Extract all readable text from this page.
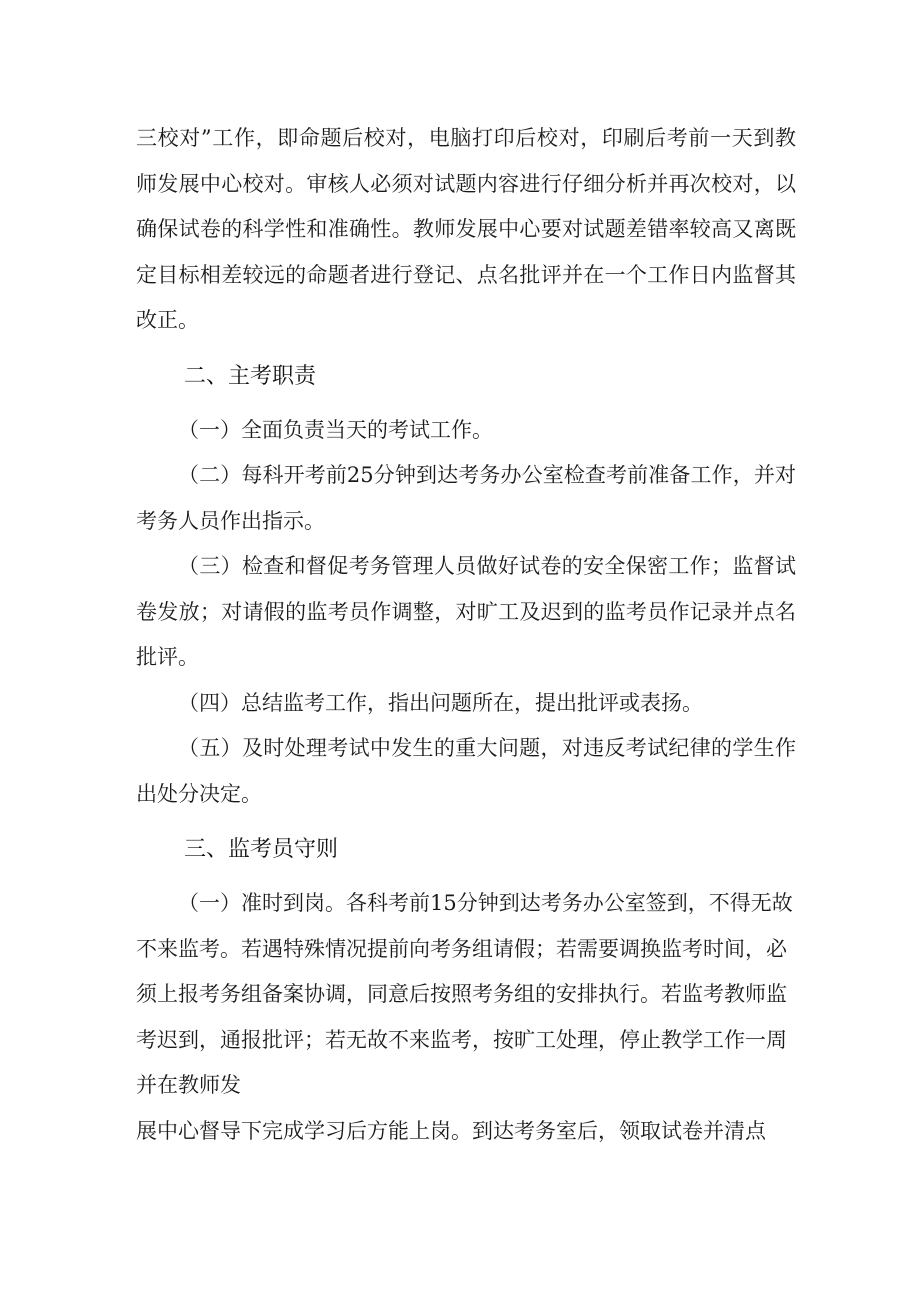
三校对”工作，即命题后校对，电脑打印后校对，印刷后考前一天到教师发展中心校对。审核人必须对试题内容进行仔细分析并再次校对，以确保试卷的科学性和准确性。教师发展中心要对试题差错率较高又离既定目标相差较远的命题者进行登记、点名批评并在一个工作日内监督其改正。

二、主考职责

（一）全面负责当天的考试工作。

（二）每科开考前25分钟到达考务办公室检查考前准备工作，并对考务人员作出指示。

（三）检查和督促考务管理人员做好试卷的安全保密工作；监督试卷发放；对请假的监考员作调整，对旷工及迟到的监考员作记录并点名批评。

（四）总结监考工作，指出问题所在，提出批评或表扬。

（五）及时处理考试中发生的重大问题，对违反考试纪律的学生作出处分决定。

三、监考员守则

（一）准时到岗。各科考前15分钟到达考务办公室签到，不得无故不来监考。若遇特殊情况提前向考务组请假；若需要调换监考时间，必须上报考务组备案协调，同意后按照考务组的安排执行。若监考教师监考迟到，通报批评；若无故不来监考，按旷工处理，停止教学工作一周并在教师发

展中心督导下完成学习后方能上岗。到达考务室后，领取试卷并清点
